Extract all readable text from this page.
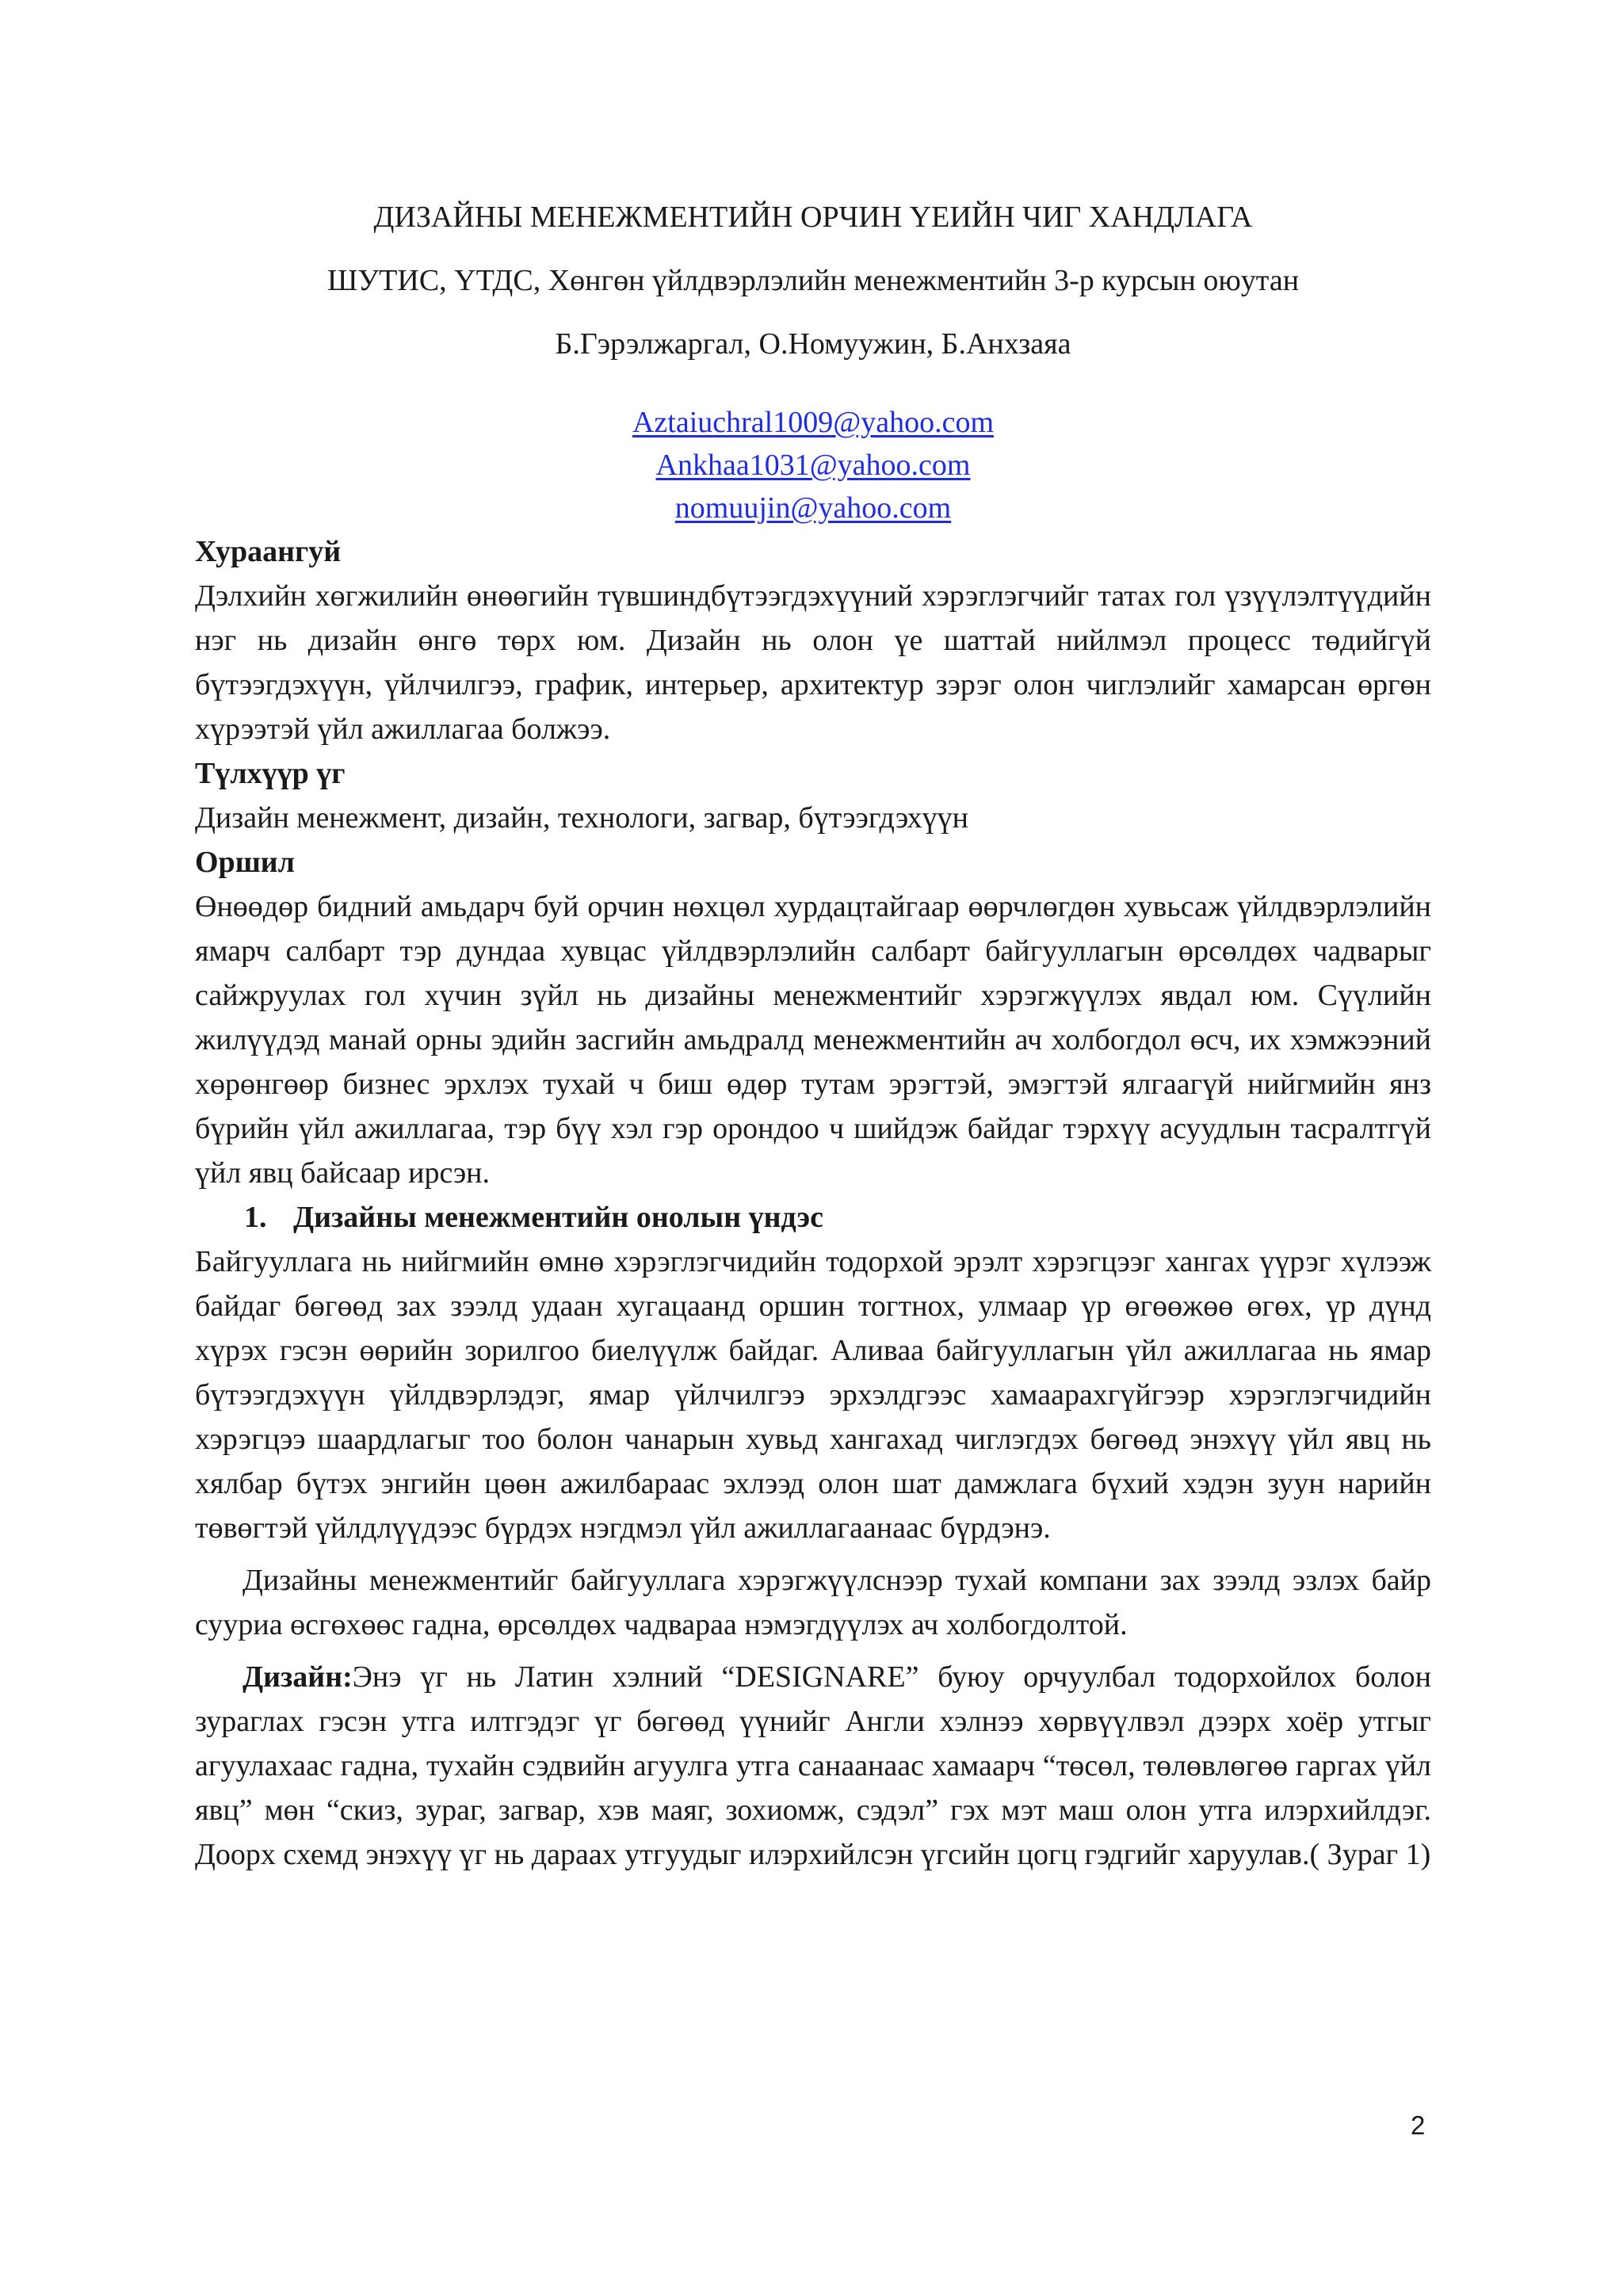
ДИЗАЙНЫ МЕНЕЖМЕНТИЙН ОРЧИН ҮЕИЙН ЧИГ ХАНДЛАГА

ШУТИС, ҮТДС, Хөнгөн үйлдвэрлэлийн менежментийн 3-р курсын оюутан

Б.Гэрэлжаргал, О.Номуужин, Б.Анхзаяа

Aztaiuchral1009@yahoo.com
Ankhaa1031@yahoo.com
nomuujin@yahoo.com

Хураангуй

Дэлхийн хөгжилийн өнөөгийн түвшиндбүтээгдэхүүний хэрэглэгчийг татах гол үзүүлэлтүүдийн нэг нь дизайн өнгө төрх юм. Дизайн нь олон үе шаттай нийлмэл процесс төдийгүй бүтээгдэхүүн, үйлчилгээ, график, интерьер, архитектур зэрэг олон чиглэлийг хамарсан өргөн хүрээтэй үйл ажиллагаа болжээ.

Түлхүүр үг

Дизайн менежмент, дизайн, технологи, загвар, бүтээгдэхүүн

Оршил

Өнөөдөр бидний амьдарч буй орчин нөхцөл хурдацтайгаар өөрчлөгдөн хувьсаж үйлдвэрлэлийн ямарч салбарт тэр дундаа хувцас үйлдвэрлэлийн салбарт байгууллагын өрсөлдөх чадварыг сайжруулах гол хүчин зүйл нь дизайны менежментийг хэрэгжүүлэх явдал юм. Сүүлийн жилүүдэд манай орны эдийн засгийн амьдралд менежментийн ач холбогдол өсч, их хэмжээний хөрөнгөөр бизнес эрхлэх тухай ч биш өдөр тутам эрэгтэй, эмэгтэй ялгаагүй нийгмийн янз бүрийн үйл ажиллагаа, тэр бүү хэл гэр орондоо ч шийдэж байдаг тэрхүү асуудлын тасралтгүй үйл явц байсаар ирсэн.

1. Дизайны менежментийн онолын үндэс

Байгууллага нь нийгмийн өмнө хэрэглэгчидийн тодорхой эрэлт хэрэгцээг хангах үүрэг хүлээж байдаг бөгөөд зах зээлд удаан хугацаанд оршин тогтнох, улмаар үр өгөөжөө өгөх, үр дүнд хүрэх гэсэн өөрийн зорилгоо биелүүлж байдаг. Аливаа байгууллагын үйл ажиллагаа нь ямар бүтээгдэхүүн үйлдвэрлэдэг, ямар үйлчилгээ эрхэлдгээс хамаарахгүйгээр хэрэглэгчидийн хэрэгцээ шаардлагыг тоо болон чанарын хувьд хангахад чиглэгдэх бөгөөд энэхүү үйл явц нь хялбар бүтэх энгийн цөөн ажилбараас эхлээд олон шат дамжлага бүхий хэдэн зуун нарийн төвөгтэй үйлдлүүдээс бүрдэх нэгдмэл үйл ажиллагаанаас бүрдэнэ.

Дизайны менежментийг байгууллага хэрэгжүүлснээр тухай компани зах зээлд эзлэх байр сууриа өсгөхөөс гадна, өрсөлдөх чадвараа нэмэгдүүлэх ач холбогдолтой.

Дизайн:Энэ үг нь Латин хэлний “DESIGNARE” буюу орчуулбал тодорхойлох болон зураглах гэсэн утга илтгэдэг үг бөгөөд үүнийг Англи хэлнээ хөрвүүлвэл дээрх хоёр утгыг агуулахаас гадна, тухайн сэдвийн агуулга утга санаанаас хамаарч “төсөл, төлөвлөгөө гаргах үйл явц” мөн “скиз, зураг, загвар, хэв маяг, зохиомж, сэдэл” гэх мэт маш олон утга илэрхийлдэг. Доорх схемд энэхүү үг нь дараах утгуудыг илэрхийлсэн үгсийн цогц гэдгийг харуулав.( Зураг 1)

2
